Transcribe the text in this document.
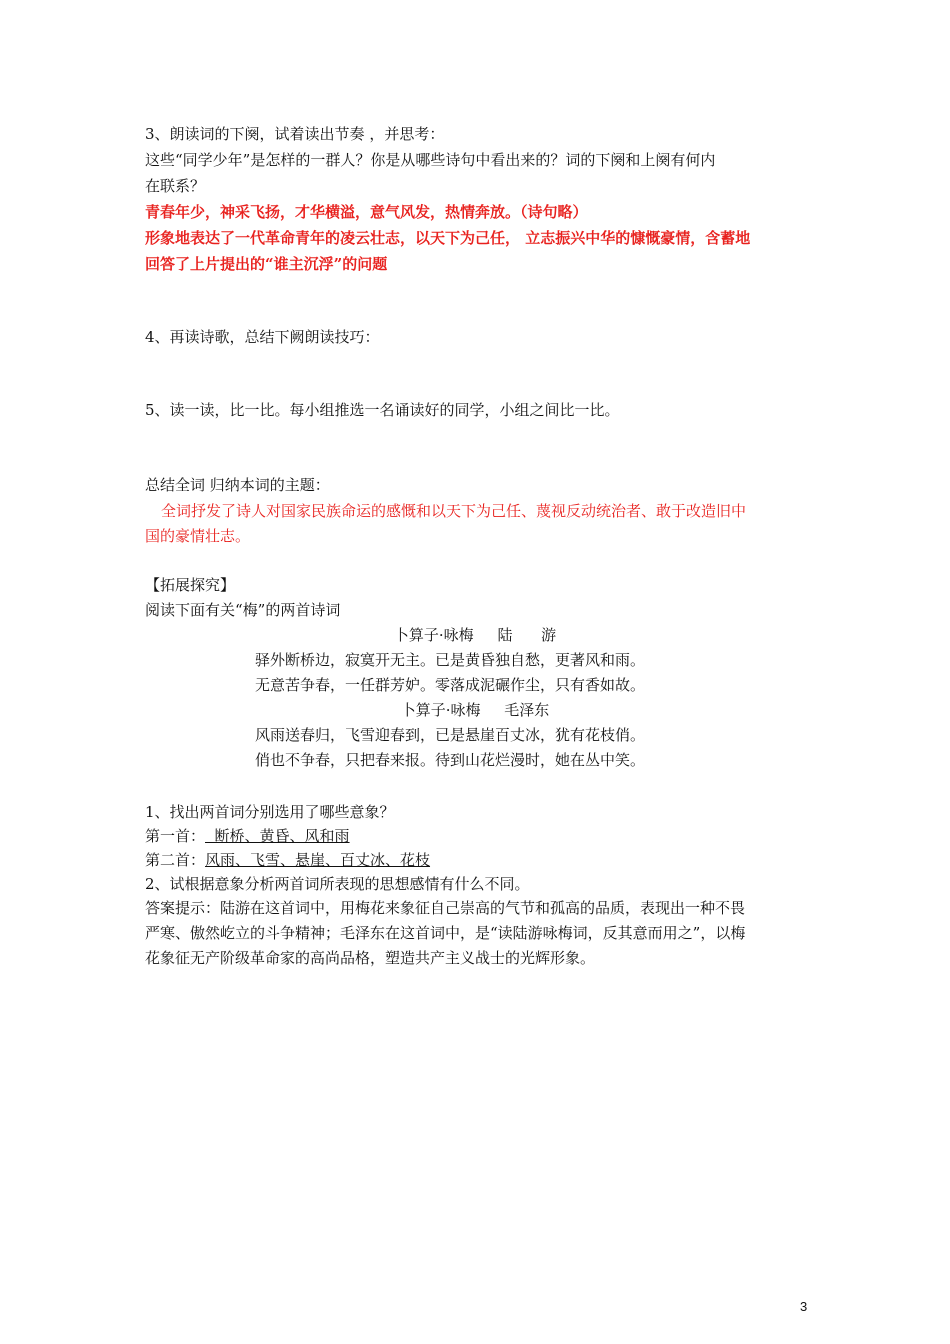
3、朗读词的下阕，试着读出节奏 ，并思考：
这些“同学少年”是怎样的一群人？你是从哪些诗句中看出来的？词的下阕和上阕有何内
在联系？
青春年少，神采飞扬，才华横溢，意气风发，热情奔放。（诗句略）
形象地表达了一代革命青年的凌云壮志，以天下为己任， 立志振兴中华的慷慨豪情，含蓄地
回答了上片提出的“谁主沉浮”的问题
4、再读诗歌，总结下阙朗读技巧：
5、读一读，比一比。每小组推选一名诵读好的同学，小组之间比一比。
总结全词 归纳本词的主题：
全词抒发了诗人对国家民族命运的感慨和以天下为己任、蔑视反动统治者、敢于改造旧中
国的豪情壮志。
【拓展探究】
阅读下面有关“梅”的两首诗词
卜算子·咏梅     陆      游
驿外断桥边，寂寞开无主。已是黄昏独自愁，更著风和雨。
无意苦争春，一任群芳妒。零落成泥碾作尘，只有香如故。
卜算子·咏梅     毛泽东
风雨送春归，飞雪迎春到，已是悬崖百丈冰，犹有花枝俏。
俏也不争春，只把春来报。待到山花烂漫时，她在丛中笑。
1、找出两首词分别选用了哪些意象？
第一首：  断桥、黄昏、风和雨
第二首：风雨、飞雪、悬崖、百丈冰、花枝
2、试根据意象分析两首词所表现的思想感情有什么不同。
答案提示：陆游在这首词中，用梅花来象征自己崇高的气节和孤高的品质，表现出一种不畏
严寒、傲然屹立的斗争精神；毛泽东在这首词中，是“读陆游咏梅词，反其意而用之”，以梅
花象征无产阶级革命家的高尚品格，塑造共产主义战士的光辉形象。
3
